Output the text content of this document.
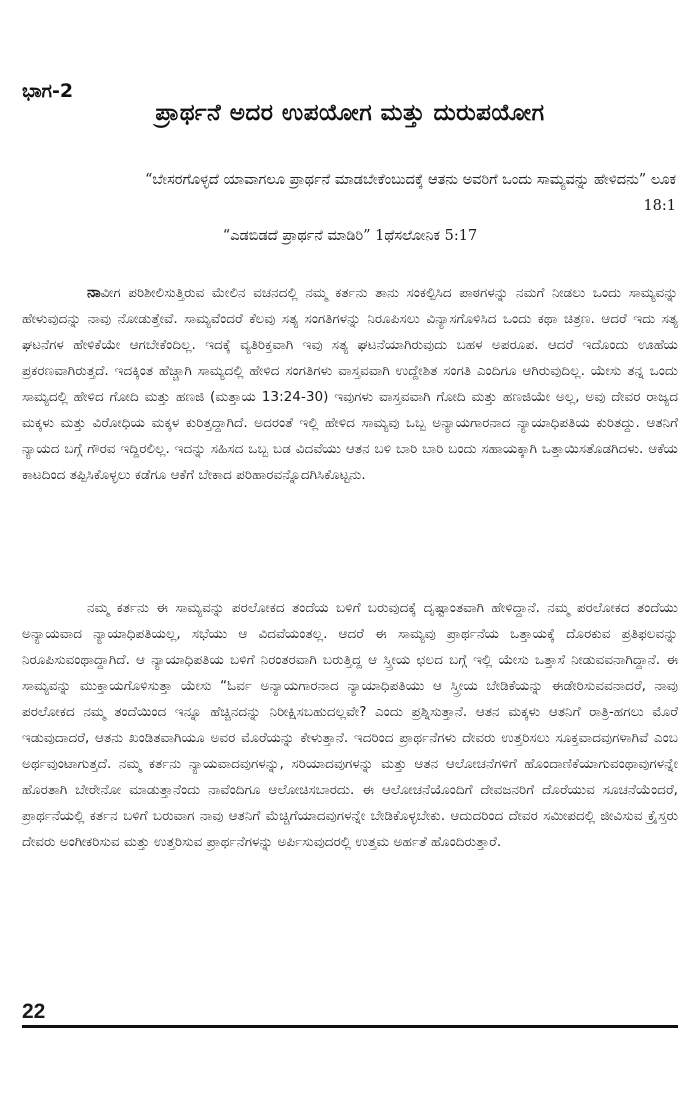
ಭಾಗ-2
ಪ್ರಾರ್ಥನೆ ಅದರ ಉಪಯೋಗ ಮತ್ತು ದುರುಪಯೋಗ
“ಬೇಸರಗೊಳ್ಳದೆ ಯಾವಾಗಲೂ ಪ್ರಾರ್ಥನೆ ಮಾಡಬೇಕೆಂಬುದಕ್ಕೆ ಆತನು ಅವರಿಗೆ ಒಂದು ಸಾಮ್ಯವನ್ನು ಹೇಳಿದನು” ಲೂಕ 18:1
“ಎಡಬಿಡದೆ ಪ್ರಾರ್ಥನೆ ಮಾಡಿರಿ” 1ಥೆಸಲೋನಿಕ 5:17

ನಾವೀಗ ಪರಿಶೀಲಿಸುತ್ತಿರುವ ಮೇಲಿನ ವಚನದಲ್ಲಿ ನಮ್ಮ ಕರ್ತನು ತಾನು ಸಂಕಲ್ಪಿಸಿದ ಪಾಠಗಳನ್ನು ನಮಗೆ ನೀಡಲು ಒಂದು ಸಾಮ್ಯವನ್ನು ಹೇಳುವುದನ್ನು ನಾವು ನೋಡುತ್ತೇವೆ. ಸಾಮ್ಯವೆಂದರೆ ಕೆಲವು ಸತ್ಯ ಸಂಗತಿಗಳನ್ನು ನಿರೂಪಿಸಲು ವಿನ್ಯಾಸಗೊಳಿಸಿದ ಒಂದು ಕಥಾ ಚಿತ್ರಣ. ಆದರೆ ಇದು ಸತ್ಯ ಘಟನೆಗಳ ಹೇಳಿಕೆಯೇ ಆಗಬೇಕೆಂದಿಲ್ಲ. ಇದಕ್ಕೆ ವ್ಯತಿರಿಕ್ತವಾಗಿ ಇವು ಸತ್ಯ ಘಟನೆಯಾಗಿರುವುದು ಬಹಳ ಅಪರೂಪ. ಆದರೆ ಇದೊಂದು ಊಹೆಯ ಪ್ರಕರಣವಾಗಿರುತ್ತದೆ. ಇದಕ್ಕಿಂತ ಹೆಚ್ಚಾಗಿ ಸಾಮ್ಯದಲ್ಲಿ ಹೇಳಿದ ಸಂಗತಿಗಳು ವಾಸ್ತವವಾಗಿ ಉದ್ದೇಶಿತ ಸಂಗತಿ ಎಂದಿಗೂ ಆಗಿರುವುದಿಲ್ಲ. ಯೇಸು ತನ್ನ ಒಂದು ಸಾಮ್ಯದಲ್ಲಿ ಹೇಳಿದ ಗೋದಿ ಮತ್ತು ಹಣಜಿ (ಮತ್ತಾಯ 13:24-30) ಇವುಗಳು ವಾಸ್ತವವಾಗಿ ಗೋದಿ ಮತ್ತು ಹಣಜಿಯೇ ಅಲ್ಲ, ಅವು ದೇವರ ರಾಜ್ಯದ ಮಕ್ಕಳು ಮತ್ತು ವಿರೋಧಿಯ ಮಕ್ಕಳ ಕುರಿತ್ತದ್ದಾಗಿದೆ. ಅದರಂತೆ ಇಲ್ಲಿ ಹೇಳಿದ ಸಾಮ್ಯವು ಒಬ್ಬ ಅನ್ಯಾಯಗಾರನಾದ ನ್ಯಾಯಾಧಿಪತಿಯ ಕುರಿತದ್ದು. ಆತನಿಗೆ ನ್ಯಾಯದ ಬಗ್ಗೆ ಗೌರವ ಇದ್ದಿರಲಿಲ್ಲ. ಇದನ್ನು ಸಹಿಸದ ಒಬ್ಬ ಬಡ ವಿದವೆಯು ಆತನ ಬಳಿ ಬಾರಿ ಬಾರಿ ಬಂದು ಸಹಾಯಕ್ಕಾಗಿ ಒತ್ತಾಯಿಸತೊಡಗಿದಳು. ಆಕೆಯ ಕಾಟದಿಂದ ತಪ್ಪಿಸಿಕೊಳ್ಳಲು ಕಡೆಗೂ ಆಕೆಗೆ ಬೇಕಾದ ಪರಿಹಾರವನ್ನೊದಗಿಸಿಕೊಟ್ಟನು.

ನಮ್ಮ ಕರ್ತನು ಈ ಸಾಮ್ಯವನ್ನು ಪರಲೋಕದ ತಂದೆಯ ಬಳಿಗೆ ಬರುವುದಕ್ಕೆ ದೃಷ್ಟಾಂತವಾಗಿ ಹೇಳಿದ್ದಾನೆ. ನಮ್ಮ ಪರಲೋಕದ ತಂದೆಯು ಅನ್ಯಾಯವಾದ ನ್ಯಾಯಾಧಿಪತಿಯಲ್ಲ, ಸಭೆಯು ಆ ವಿದವೆಯಂತಲ್ಲ. ಆದರೆ ಈ ಸಾಮ್ಯವು ಪ್ರಾರ್ಥನೆಯ ಒತ್ತಾಯಕ್ಕೆ ದೊರಕುವ ಪ್ರತಿಫಲವನ್ನು ನಿರೂಪಿಸುವಂಥಾದ್ದಾಗಿದೆ. ಆ ನ್ಯಾಯಾಧಿಪತಿಯ ಬಳಿಗೆ ನಿರಂತರವಾಗಿ ಬರುತ್ತಿದ್ದ ಆ ಸ್ತ್ರೀಯ ಛಲದ ಬಗ್ಗೆ ಇಲ್ಲಿ ಯೇಸು ಒತ್ತಾಸೆ ನೀಡುವವನಾಗಿದ್ದಾನೆ. ಈ ಸಾಮ್ಯವನ್ನು ಮುಕ್ತಾಯಗೊಳಿಸುತ್ತಾ ಯೇಸು “ಓರ್ವ ಅನ್ಯಾಯಗಾರನಾದ ನ್ಯಾಯಾಧಿಪತಿಯು ಆ ಸ್ತ್ರೀಯ ಬೇಡಿಕೆಯನ್ನು ಈಡೇರಿಸುವವನಾದರೆ, ನಾವು ಪರಲೋಕದ ನಮ್ಮ ತಂದೆಯಿಂದ ಇನ್ನೂ ಹೆಚ್ಚಿನದನ್ನು ನಿರೀಕ್ಷಿಸಬಹುದಲ್ಲವೇ? ಎಂದು ಪ್ರಶ್ನಿಸುತ್ತಾನೆ. ಆತನ ಮಕ್ಕಳು ಆತನಿಗೆ ರಾತ್ರಿ-ಹಗಲು ಮೊರೆ ಇಡುವುದಾದರೆ, ಆತನು ಖಂಡಿತವಾಗಿಯೂ ಅವರ ಮೊರೆಯನ್ನು ಕೇಳುತ್ತಾನೆ. ಇದರಿಂದ ಪ್ರಾರ್ಥನೆಗಳು ದೇವರು ಉತ್ತರಿಸಲು ಸೂಕ್ತವಾದವುಗಳಾಗಿವೆ ಎಂಬ ಅರ್ಥವುಂಟಾಗುತ್ತದೆ. ನಮ್ಮ ಕರ್ತನು ನ್ಯಾಯವಾದವುಗಳನ್ನು, ಸರಿಯಾದವುಗಳನ್ನು ಮತ್ತು ಆತನ ಆಲೋಚನೆಗಳಿಗೆ ಹೊಂದಾಣಿಕೆಯಾಗುವಂಥಾವುಗಳನ್ನೇ ಹೊರತಾಗಿ ಬೇರೇನೋ ಮಾಡುತ್ತಾನೆಂದು ನಾವೆಂದಿಗೂ ಆಲೋಚಿಸಬಾರದು. ಈ ಆಲೋಚನೆಯೊಂದಿಗೆ ದೇವಜನರಿಗೆ ದೊರೆಯುವ ಸೂಚನೆಯೆಂದರೆ, ಪ್ರಾರ್ಥನೆಯಲ್ಲಿ ಕರ್ತನ ಬಳಿಗೆ ಬರುವಾಗ ನಾವು ಆತನಿಗೆ ಮೆಚ್ಚಿಗೆಯಾದವುಗಳನ್ನೇ ಬೇಡಿಕೊಳ್ಳಬೇಕು. ಆದುದರಿಂದ ದೇವರ ಸಮೀಪದಲ್ಲಿ ಜೀವಿಸುವ ಕ್ರೈಸ್ತರು ದೇವರು ಅಂಗೀಕರಿಸುವ ಮತ್ತು ಉತ್ತರಿಸುವ ಪ್ರಾರ್ಥನೆಗಳನ್ನು ಅರ್ಪಿಸುವುದರಲ್ಲಿ ಉತ್ತಮ ಅರ್ಹತೆ ಹೊಂದಿರುತ್ತಾರೆ.

22
